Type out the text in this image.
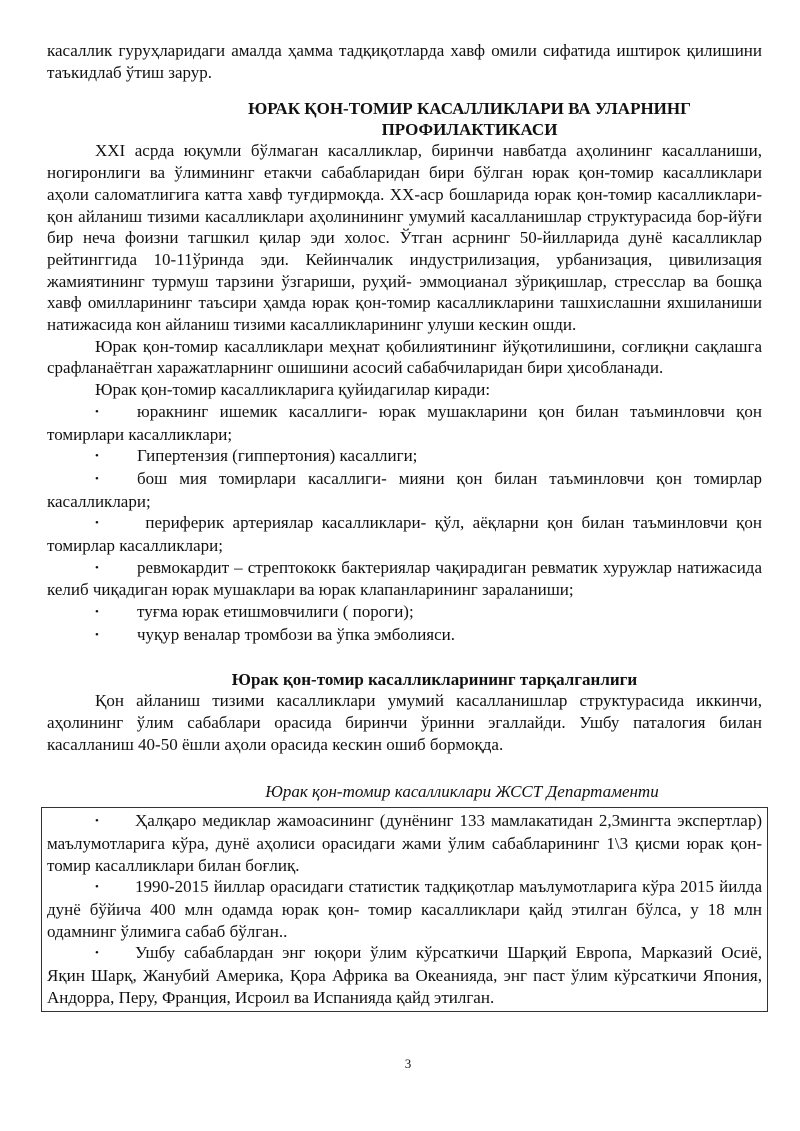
касаллик гуруҳларидаги амалда ҳамма тадқиқотларда хавф омили сифатида иштирок қилишини таъкидлаб ўтиш зарур.

ЮРАК ҚОН-ТОМИР КАСАЛЛИКЛАРИ ВА УЛАРНИНГ
ПРОФИЛАКТИКАСИ

XXI асрда юқумли бўлмаган касалликлар, биринчи навбатда аҳолининг касалланиши, ногиронлиги ва ўлимининг етакчи сабабларидан бири бўлган юрак қон-томир касалликлари аҳоли саломатлигига катта хавф туғдирмоқда. XX-аср бошларида юрак қон-томир касалликлари-қон айланиш тизими касалликлари аҳолинининг умумий касалланишлар структурасида бор-йўғи бир неча фоизни тагшкил қилар эди холос. Ўтган асрнинг 50-йилларида дунё касалликлар рейтинггида 10-11ўринда эди. Кейинчалик индустрилизация, урбанизация, цивилизация жамиятининг турмуш тарзини ўзгариши, руҳий- эммоцианал зўриқишлар, стресслар ва бошқа хавф омилларининг таъсири ҳамда юрак қон-томир касалликларини ташхислашни яхшиланиши натижасида кон айланиш тизими касалликларининг улуши кескин ошди.

Юрак қон-томир касалликлари меҳнат қобилиятининг йўқотилишини, соғлиқни сақлашга срафланаётган харажатларнинг ошишини асосий сабабчиларидан бири ҳисобланади.

Юрак қон-томир касалликларига қуйидагилар киради:

• юракнинг ишемик касаллиги- юрак мушакларини қон билан таъминловчи қон томирлари касалликлари;
• Гипертензия (гиппертония) касаллиги;
• бош мия томирлари касаллиги- мияни қон билан таъминловчи қон томирлар касалликлари;
• периферик артериялар касалликлари- қўл, аёқларни қон билан таъминловчи қон томирлар касалликлари;
• ревмокардит – стрептококк бактериялар чақирадиган ревматик хуружлар натижасида келиб чиқадиган юрак мушаклари ва юрак клапанларининг зараланиши;
• туғма юрак етишмовчилиги ( пороги);
• чуқур веналар тромбози ва ўпка эмболияси.
Юрак қон-томир касалликларининг тарқалганлиги

Қон айланиш тизими касалликлари умумий касалланишлар структурасида иккинчи, аҳолининг ўлим сабаблари орасида биринчи ўринни эгаллайди. Ушбу паталогия билан касалланиш 40-50 ёшли аҳоли орасида кескин ошиб бормоқда.

Юрак қон-томир касалликлари ЖССТ Департаменти

• Ҳалқаро медиклар жамоасининг (дунёнинг 133 мамлакатидан 2,3мингта экспертлар) маълумотларига кўра, дунё аҳолиси орасидаги жами ўлим сабабларининг 1\3 қисми юрак қон- томир касалликлари билан боғлиқ.

• 1990-2015 йиллар орасидаги статистик тадқиқотлар маълумотларига кўра 2015 йилда дунё бўйича 400 млн одамда юрак қон- томир касалликлари қайд этилган бўлса, у 18 млн одамнинг ўлимига сабаб бўлган..

• Ушбу сабаблардан энг юқори ўлим кўрсаткичи Шарқий Европа, Марказий Осиё, Яқин Шарқ, Жанубий Америка, Қора Африка ва Океанияда, энг паст ўлим кўрсаткичи Япония, Андорра, Перу, Франция, Исроил ва Испанияда қайд этилган.

3
